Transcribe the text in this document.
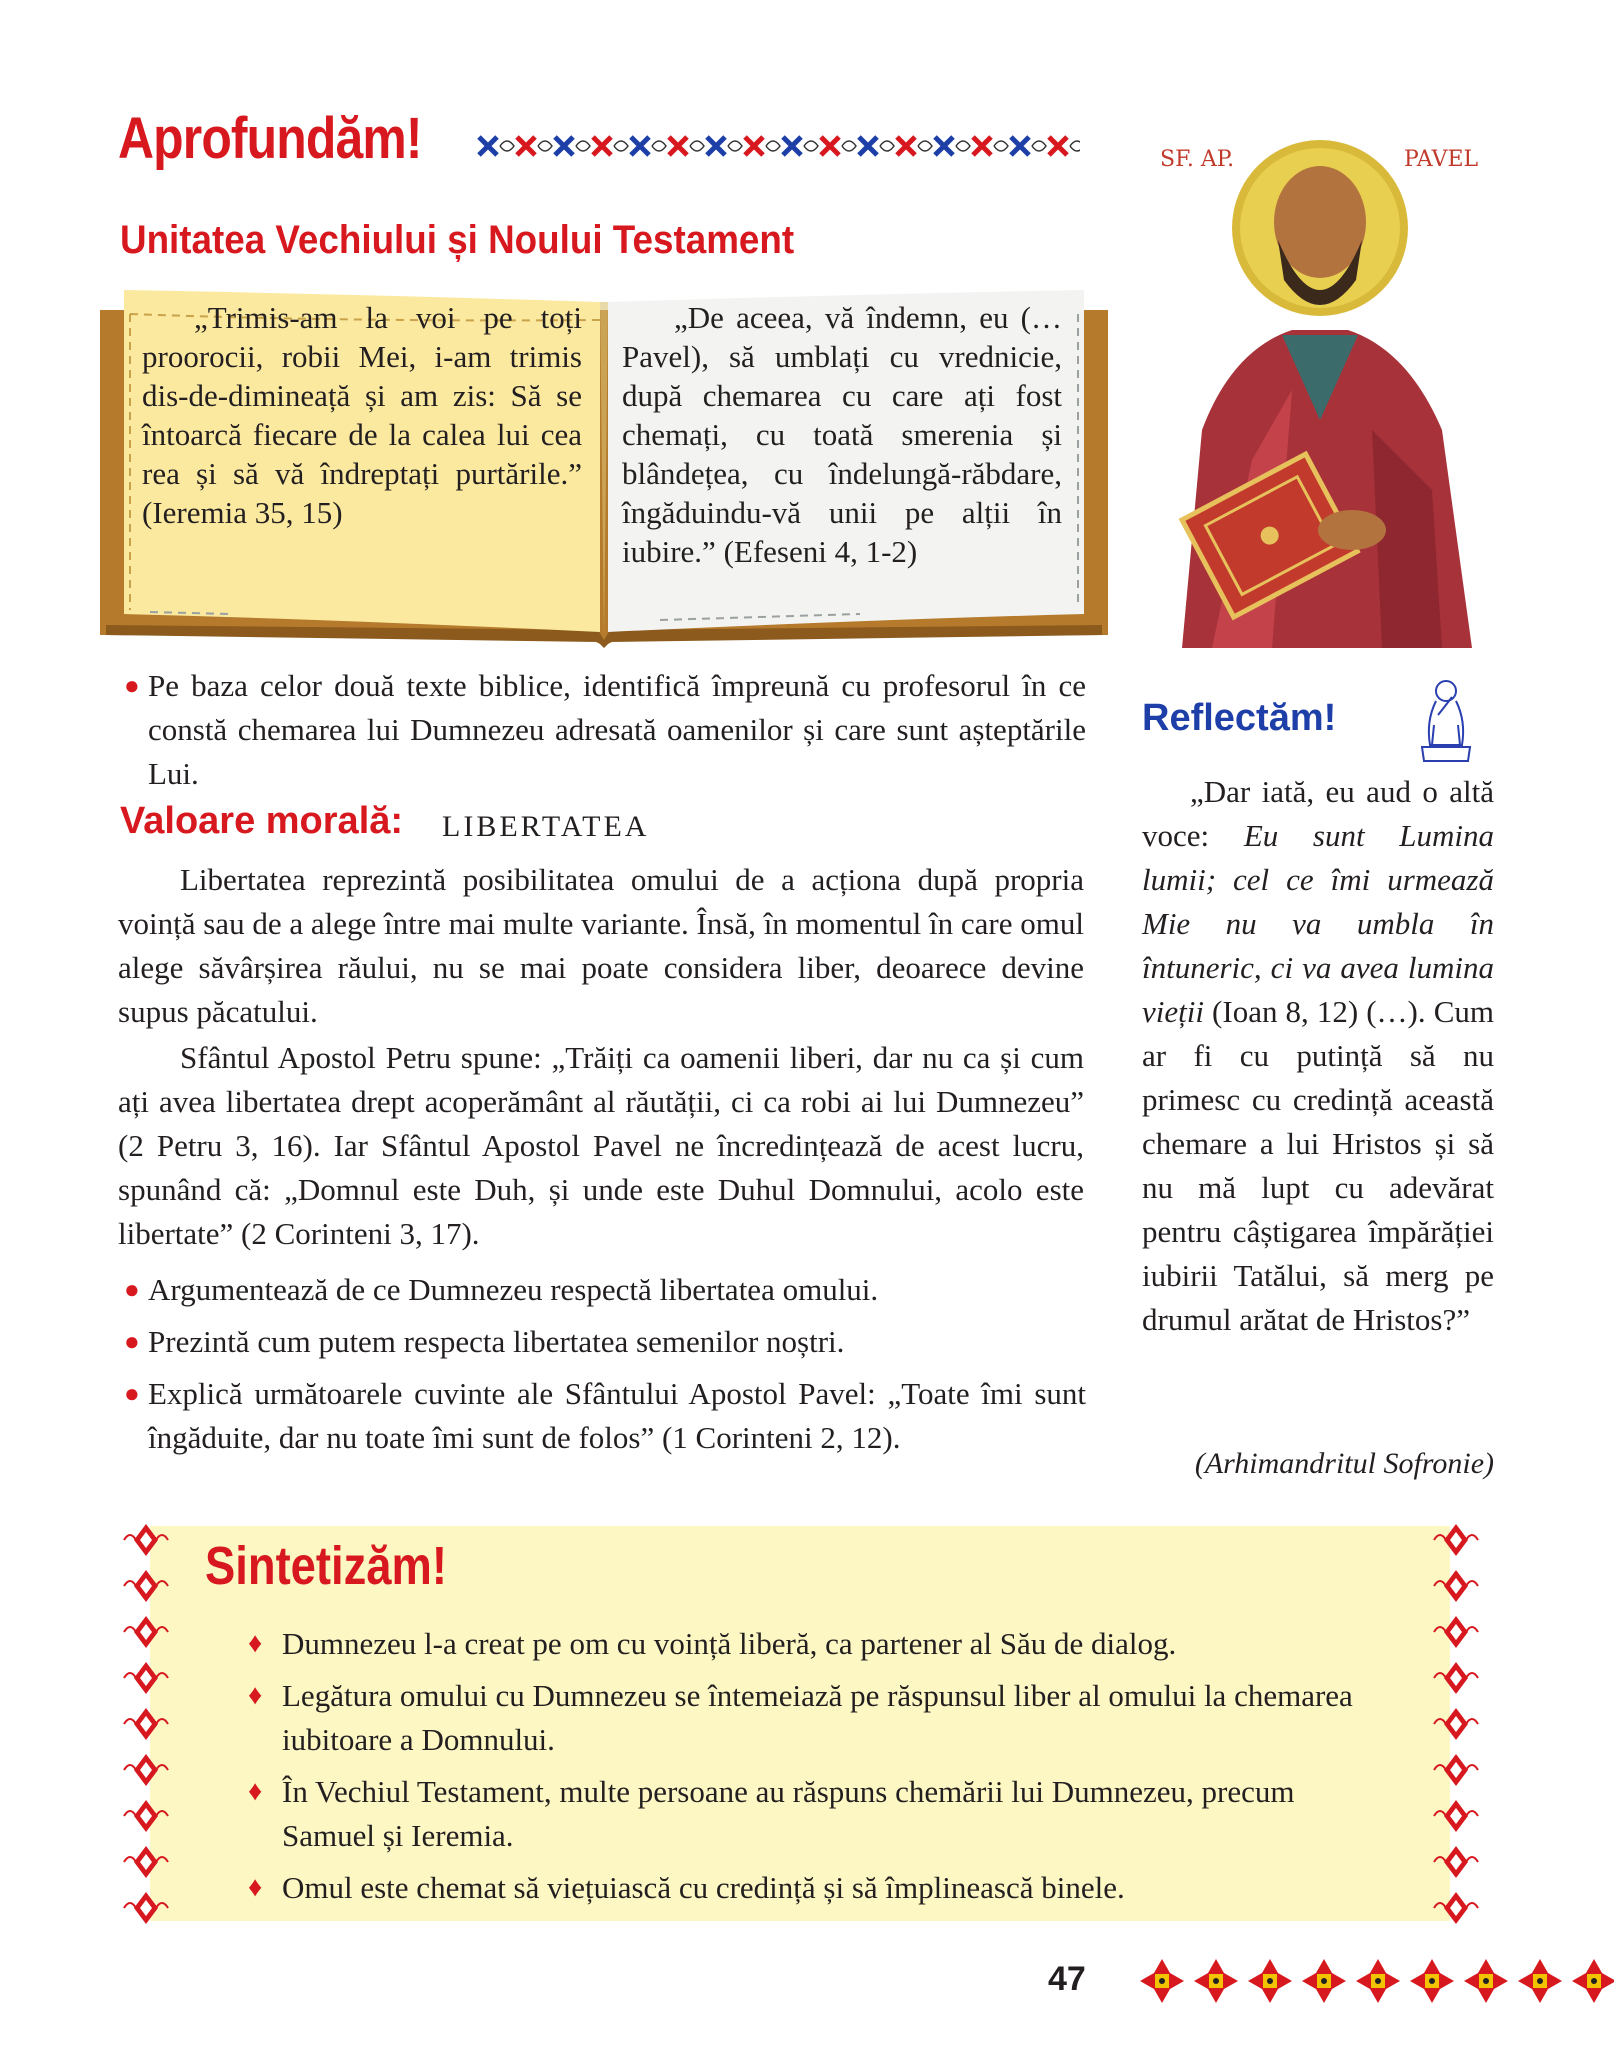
Aprofundăm!
Unitatea Vechiului și Noului Testament

„Trimis-am la voi pe toți proorocii, robii Mei, i-am trimis dis-de-dimineață și am zis: Să se întoarcă fiecare de la calea lui cea rea și să vă îndreptați purtările.” (Ieremia 35, 15)

„De aceea, vă îndemn, eu (… Pavel), să umblați cu vrednicie, după chemarea cu care ați fost chemați, cu toată smerenia și blândețea, cu îndelungă-răbdare, îngăduindu-vă unii pe alții în iubire.” (Efeseni 4, 1-2)

SF. AP.	PAVEL
● Pe baza celor două texte biblice, identifică împreună cu profesorul în ce constă chemarea lui Dumnezeu adresată oamenilor și care sunt așteptările Lui.
Valoare morală: LIBERTATEA

Libertatea reprezintă posibilitatea omului de a acționa după propria voință sau de a alege între mai multe variante. Însă, în momentul în care omul alege săvârșirea răului, nu se mai poate considera liber, deoarece devine supus păcatului.

Sfântul Apostol Petru spune: „Trăiți ca oamenii liberi, dar nu ca și cum ați avea libertatea drept acoperământ al răutății, ci ca robi ai lui Dumnezeu” (2 Petru 3, 16). Iar Sfântul Apostol Pavel ne încredințează de acest lucru, spunând că: „Domnul este Duh, și unde este Duhul Domnului, acolo este libertate” (2 Corinteni 3, 17).

● Argumentează de ce Dumnezeu respectă libertatea omului.
● Prezintă cum putem respecta libertatea semenilor noștri.
● Explică următoarele cuvinte ale Sfântului Apostol Pavel: „Toate îmi sunt îngăduite, dar nu toate îmi sunt de folos” (1 Corinteni 2, 12).
Reflectăm!

„Dar iată, eu aud o altă voce: Eu sunt Lumina lumii; cel ce îmi urmează Mie nu va umbla în întuneric, ci va avea lumina vieții (Ioan 8, 12) (…). Cum ar fi cu putință să nu primesc cu credință această chemare a lui Hristos și să nu mă lupt cu adevărat pentru câștigarea împărăției iubirii Tatălui, să merg pe drumul arătat de Hristos?”

(Arhimandritul Sofronie)
Sintetizăm!
♦ Dumnezeu l-a creat pe om cu voință liberă, ca partener al Său de dialog.
♦ Legătura omului cu Dumnezeu se întemeiază pe răspunsul liber al omului la chemarea iubitoare a Domnului.
♦ În Vechiul Testament, multe persoane au răspuns chemării lui Dumnezeu, precum Samuel și Ieremia.
♦ Omul este chemat să viețuiască cu credință și să împlinească binele.
47
